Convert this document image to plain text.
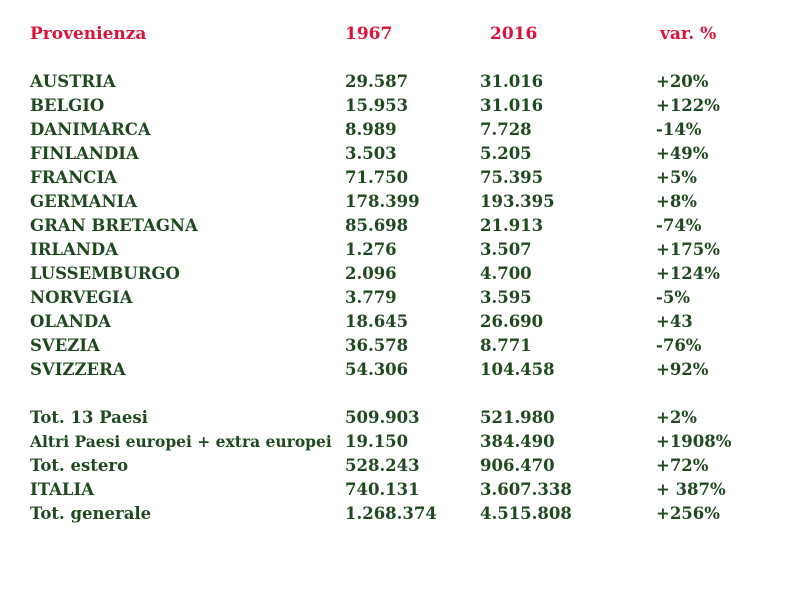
Provenienza	1967	2016	var. %
AUSTRIA	29.587	31.016	+20%
BELGIO	15.953	31.016	+122%
DANIMARCA	8.989	7.728	-14%
FINLANDIA	3.503	5.205	+49%
FRANCIA	71.750	75.395	+5%
GERMANIA	178.399	193.395	+8%
GRAN BRETAGNA	85.698	21.913	-74%
IRLANDA	1.276	3.507	+175%
LUSSEMBURGO	2.096	4.700	+124%
NORVEGIA	3.779	3.595	-5%
OLANDA	18.645	26.690	+43
SVEZIA	36.578	8.771	-76%
SVIZZERA	54.306	104.458	+92%
Tot. 13 Paesi	509.903	521.980	+2%
Altri Paesi europei + extra europei 19.150	384.490	+1908%
Tot. estero	528.243	906.470	+72%
ITALIA	740.131	3.607.338	+ 387%
Tot. generale	1.268.374	4.515.808	+256%
